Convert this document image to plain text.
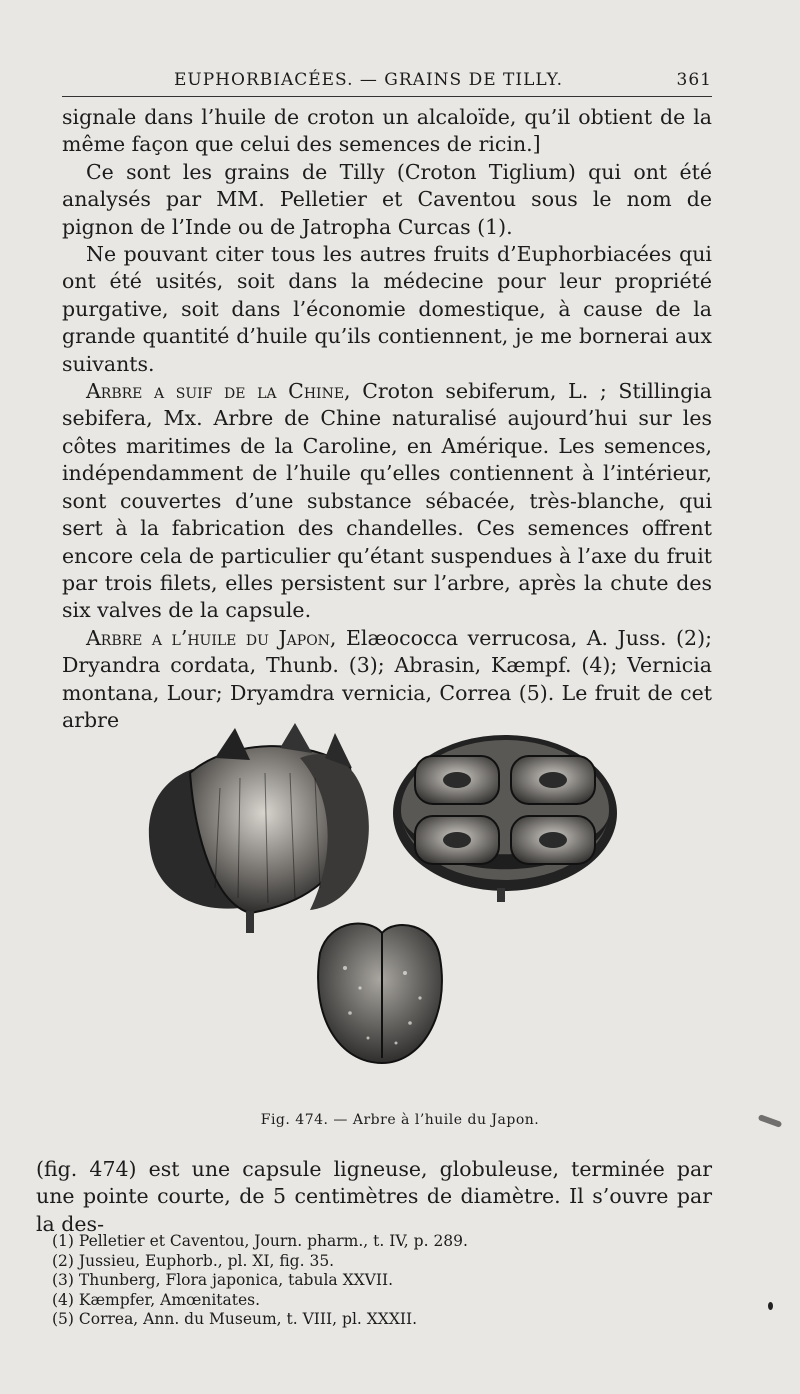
EUPHORBIACÉES. — GRAINS DE TILLY.	361

signale dans l’huile de croton un alcaloïde, qu’il obtient de la même façon que celui des semences de ricin.]

Ce sont les grains de Tilly (Croton Tiglium) qui ont été analysés par MM. Pelletier et Caventou sous le nom de pignon de l’Inde ou de Jatropha Curcas (1).

Ne pouvant citer tous les autres fruits d’Euphorbiacées qui ont été usités, soit dans la médecine pour leur propriété purgative, soit dans l’économie domestique, à cause de la grande quantité d’huile qu’ils contiennent, je me bornerai aux suivants.

Arbre a suif de la Chine, Croton sebiferum, L. ; Stillingia sebifera, Mx. Arbre de Chine naturalisé aujourd’hui sur les côtes maritimes de la Caroline, en Amérique. Les semences, indépendamment de l’huile qu’elles contiennent à l’intérieur, sont couvertes d’une substance sébacée, très-blanche, qui sert à la fabrication des chandelles. Ces semences offrent encore cela de particulier qu’étant suspendues à l’axe du fruit par trois filets, elles persistent sur l’arbre, après la chute des six valves de la capsule.

Arbre a l’huile du Japon, Elæococca verrucosa, A. Juss. (2); Dryandra cordata, Thunb. (3); Abrasin, Kæmpf. (4); Vernicia montana, Lour; Dryamdra vernicia, Correa (5). Le fruit de cet arbre

Fig. 474. — Arbre à l’huile du Japon.

(fig. 474) est une capsule ligneuse, globuleuse, terminée par une pointe courte, de 5 centimètres de diamètre. Il s’ouvre par la des-

(1) Pelletier et Caventou, Journ. pharm., t. IV, p. 289.
(2) Jussieu, Euphorb., pl. XI, fig. 35.
(3) Thunberg, Flora japonica, tabula XXVII.
(4) Kæmpfer, Amœnitates.
(5) Correa, Ann. du Museum, t. VIII, pl. XXXII.
